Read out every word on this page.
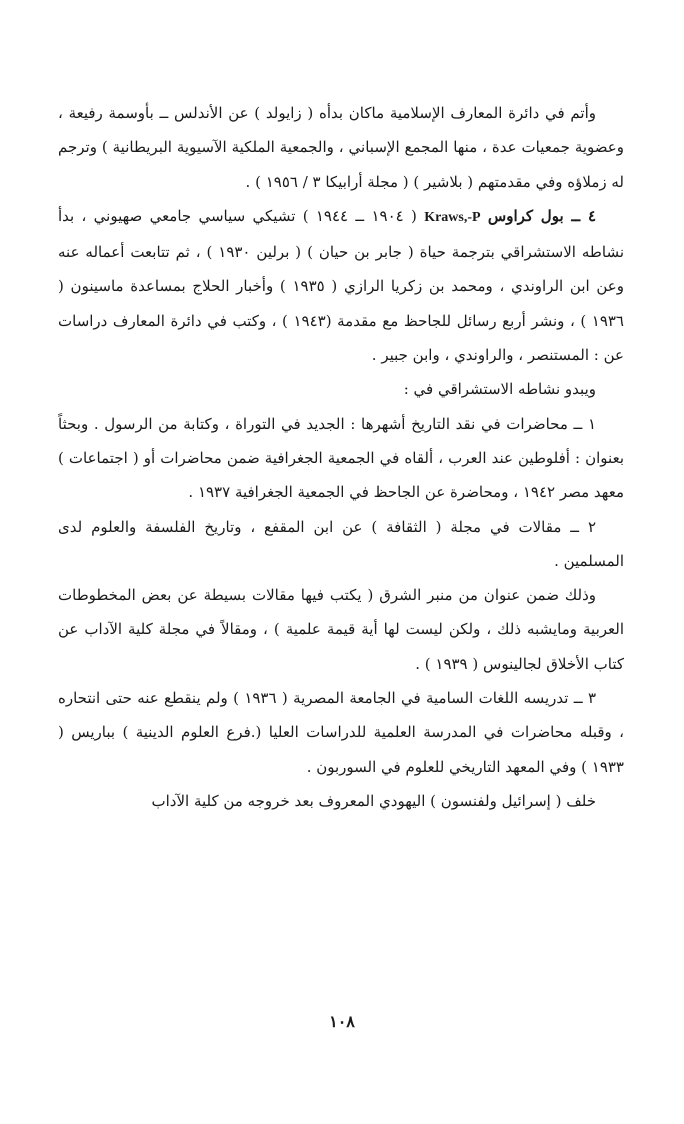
وأتم في دائرة المعارف الإسلامية ماكان بدأه ( زايولد ) عن الأندلس ــ بأوسمة رفيعة ، وعضوية جمعيات عدة ، منها المجمع الإسباني ، والجمعية الملكية الآسيوية البريطانية ) وترجم له زملاؤه وفي مقدمتهم ( بلاشير ) ( مجلة أرابيكا ٣ / ١٩٥٦ ) .

٤ ــ بول كراوس Kraws,-P ( ١٩٠٤ ــ ١٩٤٤ ) تشيكي سياسي جامعي صهيوني ، بدأ نشاطه الاستشراقي بترجمة حياة ( جابر بن حيان ) ( برلين ١٩٣٠ ) ، ثم تتابعت أعماله عنه وعن ابن الراوندي ، ومحمد بن زكريا الرازي ( ١٩٣٥ ) وأخبار الحلاج بمساعدة ماسينون ( ١٩٣٦ ) ، ونشر أربع رسائل للجاحظ مع مقدمة (١٩٤٣ ) ، وكتب في دائرة المعارف دراسات عن : المستنصر ، والراوندي ، وابن جبير .

ويبدو نشاطه الاستشراقي في :

١ ــ محاضرات في نقد التاريخ أشهرها : الجديد في التوراة ، وكتابة من الرسول . وبحثاً بعنوان : أفلوطين عند العرب ، ألقاه في الجمعية الجغرافية ضمن محاضرات أو ( اجتماعات ) معهد مصر ١٩٤٢ ، ومحاضرة عن الجاحظ في الجمعية الجغرافية ١٩٣٧ .

٢ ــ مقالات في مجلة ( الثقافة ) عن ابن المقفع ، وتاريخ الفلسفة والعلوم لدى المسلمين .

وذلك ضمن عنوان من منبر الشرق ( يكتب فيها مقالات بسيطة عن بعض المخطوطات العربية ومايشبه ذلك ، ولكن ليست لها أية قيمة علمية ) ، ومقالاً في مجلة كلية الآداب عن كتاب الأخلاق لجالينوس ( ١٩٣٩ ) .

٣ ــ تدريسه اللغات السامية في الجامعة المصرية ( ١٩٣٦ ) ولم ينقطع عنه حتى انتحاره ، وقبله محاضرات في المدرسة العلمية للدراسات العليا (.فرع العلوم الدينية ) بباريس ( ١٩٣٣ ) وفي المعهد التاريخي للعلوم في السوربون .

خلف ( إسرائيل ولفنسون ) اليهودي المعروف بعد خروجه من كلية الآداب

١٠٨
